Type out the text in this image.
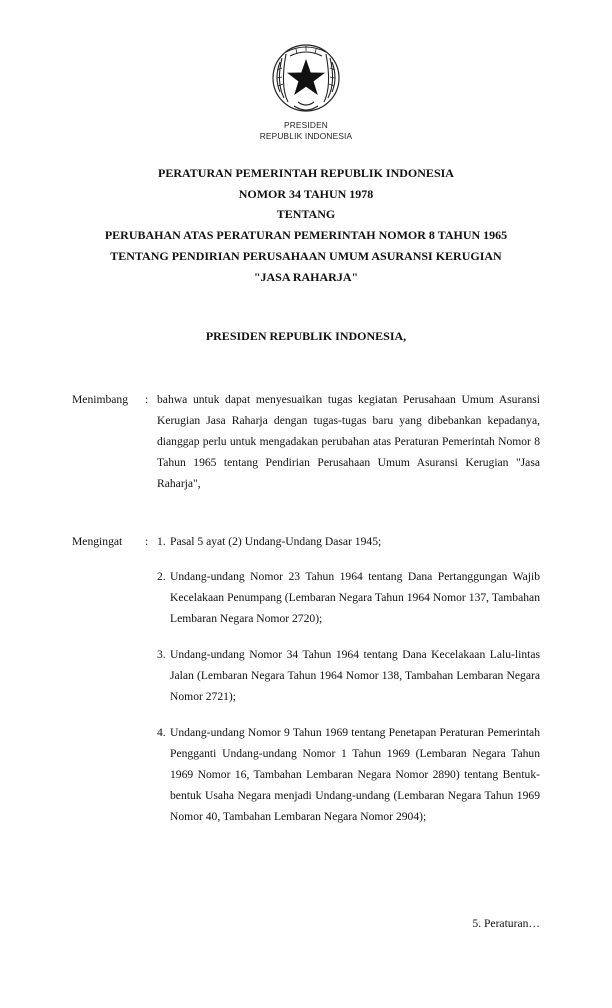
PRESIDEN
REPUBLIK INDONESIA
PERATURAN PEMERINTAH REPUBLIK INDONESIA
NOMOR 34 TAHUN 1978
TENTANG
PERUBAHAN ATAS PERATURAN PEMERINTAH NOMOR 8 TAHUN 1965
TENTANG PENDIRIAN PERUSAHAAN UMUM ASURANSI KERUGIAN
"JASA RAHARJA"
PRESIDEN REPUBLIK INDONESIA,
Menimbang : bahwa untuk dapat menyesuaikan tugas kegiatan Perusahaan Umum Asuransi Kerugian Jasa Raharja dengan tugas-tugas baru yang dibebankan kepadanya, dianggap perlu untuk mengadakan perubahan atas Peraturan Pemerintah Nomor 8 Tahun 1965 tentang Pendirian Perusahaan Umum Asuransi Kerugian "Jasa Raharja",
Mengingat : 1. Pasal 5 ayat (2) Undang-Undang Dasar 1945;
2. Undang-undang Nomor 23 Tahun 1964 tentang Dana Pertanggungan Wajib Kecelakaan Penumpang (Lembaran Negara Tahun 1964 Nomor 137, Tambahan Lembaran Negara Nomor 2720);
3. Undang-undang Nomor 34 Tahun 1964 tentang Dana Kecelakaan Lalu-lintas Jalan (Lembaran Negara Tahun 1964 Nomor 138, Tambahan Lembaran Negara Nomor 2721);
4. Undang-undang Nomor 9 Tahun 1969 tentang Penetapan Peraturan Pemerintah Pengganti Undang-undang Nomor 1 Tahun 1969 (Lembaran Negara Tahun 1969 Nomor 16, Tambahan Lembaran Negara Nomor 2890) tentang Bentuk-bentuk Usaha Negara menjadi Undang-undang (Lembaran Negara Tahun 1969 Nomor 40, Tambahan Lembaran Negara Nomor 2904);
5. Peraturan…
